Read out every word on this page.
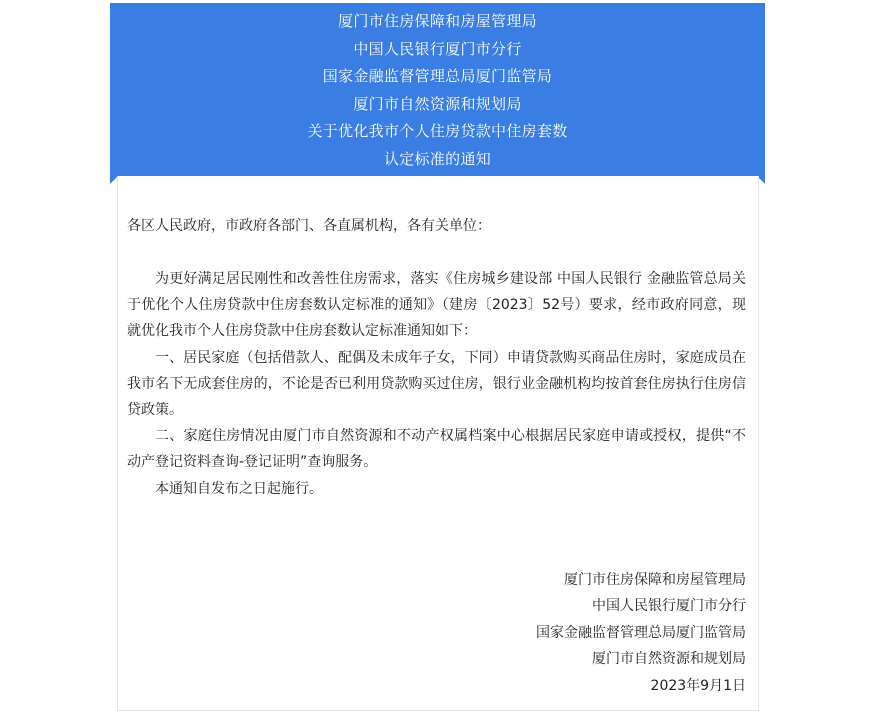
厦门市住房保障和房屋管理局
中国人民银行厦门市分行
国家金融监督管理总局厦门监管局
厦门市自然资源和规划局
关于优化我市个人住房贷款中住房套数
认定标准的通知

各区人民政府，市政府各部门、各直属机构，各有关单位：

为更好满足居民刚性和改善性住房需求，落实《住房城乡建设部 中国人民银行 金融监管总局关于优化个人住房贷款中住房套数认定标准的通知》（建房〔2023〕52号）要求，经市政府同意，现就优化我市个人住房贷款中住房套数认定标准通知如下：

一、居民家庭（包括借款人、配偶及未成年子女，下同）申请贷款购买商品住房时，家庭成员在我市名下无成套住房的，不论是否已利用贷款购买过住房，银行业金融机构均按首套住房执行住房信贷政策。

二、家庭住房情况由厦门市自然资源和不动产权属档案中心根据居民家庭申请或授权，提供“不动产登记资料查询-登记证明”查询服务。

本通知自发布之日起施行。

厦门市住房保障和房屋管理局
中国人民银行厦门市分行
国家金融监督管理总局厦门监管局
厦门市自然资源和规划局
2023年9月1日
